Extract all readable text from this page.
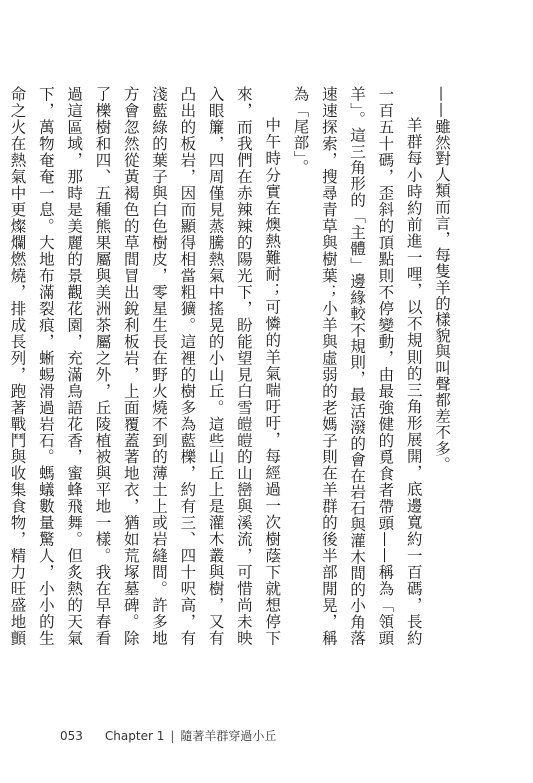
——雖然對人類而言，每隻羊的樣貌與叫聲都差不多。

羊群每小時約前進一哩，以不規則的三角形展開，底邊寬約一百碼，長約一百五十碼，歪斜的頂點則不停變動，由最強健的覓食者帶頭——稱為「領頭羊」。這三角形的「主體」邊緣較不規則，最活潑的會在岩石與灌木間的小角落速速探索，搜尋青草與樹葉；小羊與虛弱的老媽子則在羊群的後半部閒晃，稱為「尾部」。

中午時分實在燠熱難耐；可憐的羊氣喘吁吁，每經過一次樹蔭下就想停下來，而我們在赤辣辣的陽光下，盼能望見白雪皚皚的山巒與溪流，可惜尚未映入眼簾，四周僅見蒸騰熱氣中搖晃的小山丘。這些山丘上是灌木叢與樹，又有凸出的板岩，因而顯得相當粗獷。這裡的樹多為藍櫟，約有三、四十呎高，有淺藍綠的葉子與白色樹皮，零星生長在野火燒不到的薄土上或岩縫間。許多地方會忽然從黃褐色的草間冒出銳利板岩，上面覆蓋著地衣，猶如荒塚墓碑。除了櫟樹和四、五種熊果屬與美洲茶屬之外，丘陵植被與平地一樣。我在早春看過這區域，那時是美麗的景觀花園，充滿鳥語花香，蜜蜂飛舞。但炙熱的天氣下，萬物奄奄一息。大地布滿裂痕，蜥蜴滑過岩石。螞蟻數量驚人，小小的生命之火在熱氣中更燦爛燃燒，排成長列，跑著戰鬥與收集食物，精力旺盛地顫

053 Chapter 1 | 隨著羊群穿過小丘
